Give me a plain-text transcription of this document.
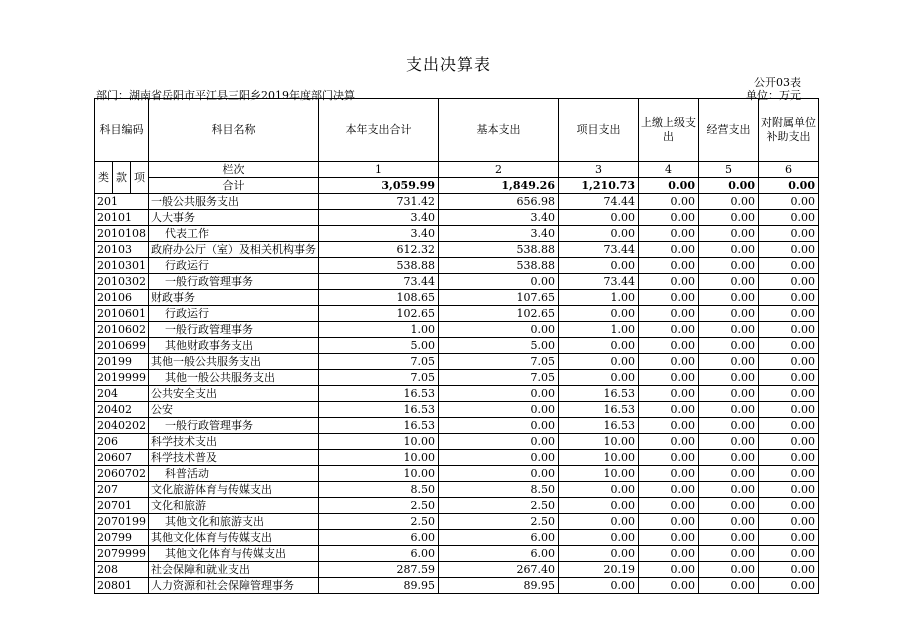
支出决算表
公开03表
部门：湖南省岳阳市平江县三阳乡2019年度部门决算	单位：万元
科目编码			科目名称	本年支出合计	基本支出	项目支出	上缴上级支出	经营支出	对附属单位补助支出
类	款	项	栏次	1	2	3	4	5	6
			合计	3,059.99	1,849.26	1,210.73	0.00	0.00	0.00
201			一般公共服务支出	731.42	656.98	74.44	0.00	0.00	0.00
20101			人大事务	3.40	3.40	0.00	0.00	0.00	0.00
2010108			代表工作	3.40	3.40	0.00	0.00	0.00	0.00
20103			政府办公厅（室）及相关机构事务	612.32	538.88	73.44	0.00	0.00	0.00
2010301			行政运行	538.88	538.88	0.00	0.00	0.00	0.00
2010302			一般行政管理事务	73.44	0.00	73.44	0.00	0.00	0.00
20106			财政事务	108.65	107.65	1.00	0.00	0.00	0.00
2010601			行政运行	102.65	102.65	0.00	0.00	0.00	0.00
2010602			一般行政管理事务	1.00	0.00	1.00	0.00	0.00	0.00
2010699			其他财政事务支出	5.00	5.00	0.00	0.00	0.00	0.00
20199			其他一般公共服务支出	7.05	7.05	0.00	0.00	0.00	0.00
2019999			其他一般公共服务支出	7.05	7.05	0.00	0.00	0.00	0.00
204			公共安全支出	16.53	0.00	16.53	0.00	0.00	0.00
20402			公安	16.53	0.00	16.53	0.00	0.00	0.00
2040202			一般行政管理事务	16.53	0.00	16.53	0.00	0.00	0.00
206			科学技术支出	10.00	0.00	10.00	0.00	0.00	0.00
20607			科学技术普及	10.00	0.00	10.00	0.00	0.00	0.00
2060702			科普活动	10.00	0.00	10.00	0.00	0.00	0.00
207			文化旅游体育与传媒支出	8.50	8.50	0.00	0.00	0.00	0.00
20701			文化和旅游	2.50	2.50	0.00	0.00	0.00	0.00
2070199			其他文化和旅游支出	2.50	2.50	0.00	0.00	0.00	0.00
20799			其他文化体育与传媒支出	6.00	6.00	0.00	0.00	0.00	0.00
2079999			其他文化体育与传媒支出	6.00	6.00	0.00	0.00	0.00	0.00
208			社会保障和就业支出	287.59	267.40	20.19	0.00	0.00	0.00
20801			人力资源和社会保障管理事务	89.95	89.95	0.00	0.00	0.00	0.00
